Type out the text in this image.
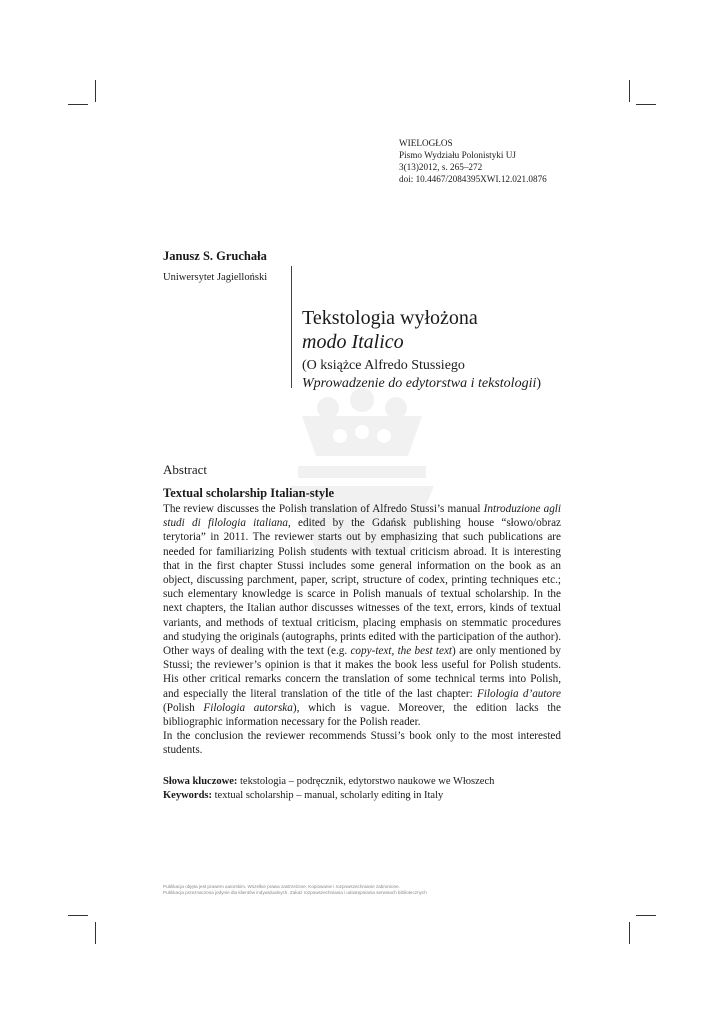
WIELOGŁOS
Pismo Wydziału Polonistyki UJ
3(13)2012, s. 265–272
doi: 10.4467/2084395XWI.12.021.0876
Janusz S. Gruchała
Uniwersytet Jagielloński
Tekstologia wyłożona
modo Italico
(O książce Alfredo Stussiego
Wprowadzenie do edytorstwa i tekstologii)
Abstract
Textual scholarship Italian-style

The review discusses the Polish translation of Alfredo Stussi’s manual Introduzione agli studi di filologia italiana, edited by the Gdańsk publishing house “słowo/obraz terytoria” in 2011. The reviewer starts out by emphasizing that such publications are needed for familiarizing Polish students with textual criticism abroad. It is interesting that in the first chapter Stussi includes some general information on the book as an object, discussing parchment, paper, script, structure of codex, printing techniques etc.; such elementary knowledge is scarce in Polish manuals of textual scholarship. In the next chapters, the Italian author discusses witnesses of the text, errors, kinds of textual variants, and methods of textual criticism, placing emphasis on stemmatic procedures and studying the originals (autographs, prints edited with the participation of the author). Other ways of dealing with the text (e.g. copy-text, the best text) are only mentioned by Stussi; the reviewer’s opinion is that it makes the book less useful for Polish students. His other critical remarks concern the translation of some technical terms into Polish, and especially the literal translation of the title of the last chapter: Filologia d’autore (Polish Filologia autorska), which is vague. Moreover, the edition lacks the bibliographic information necessary for the Polish reader.

In the conclusion the reviewer recommends Stussi’s book only to the most interested students.

Słowa kluczowe: tekstologia – podręcznik, edytorstwo naukowe we Włoszech
Keywords: textual scholarship – manual, scholarly editing in Italy
Publikacja objęta jest prawem autorskim. Wszelkie prawa zastrzeżone. Kopiowanie i rozpowszechnianie zabronione.
Publikacja przeznaczona jedynie dla klientów indywidualnych. Zakaz rozpowszechniania i udostępniania serwisach bibliotecznych
